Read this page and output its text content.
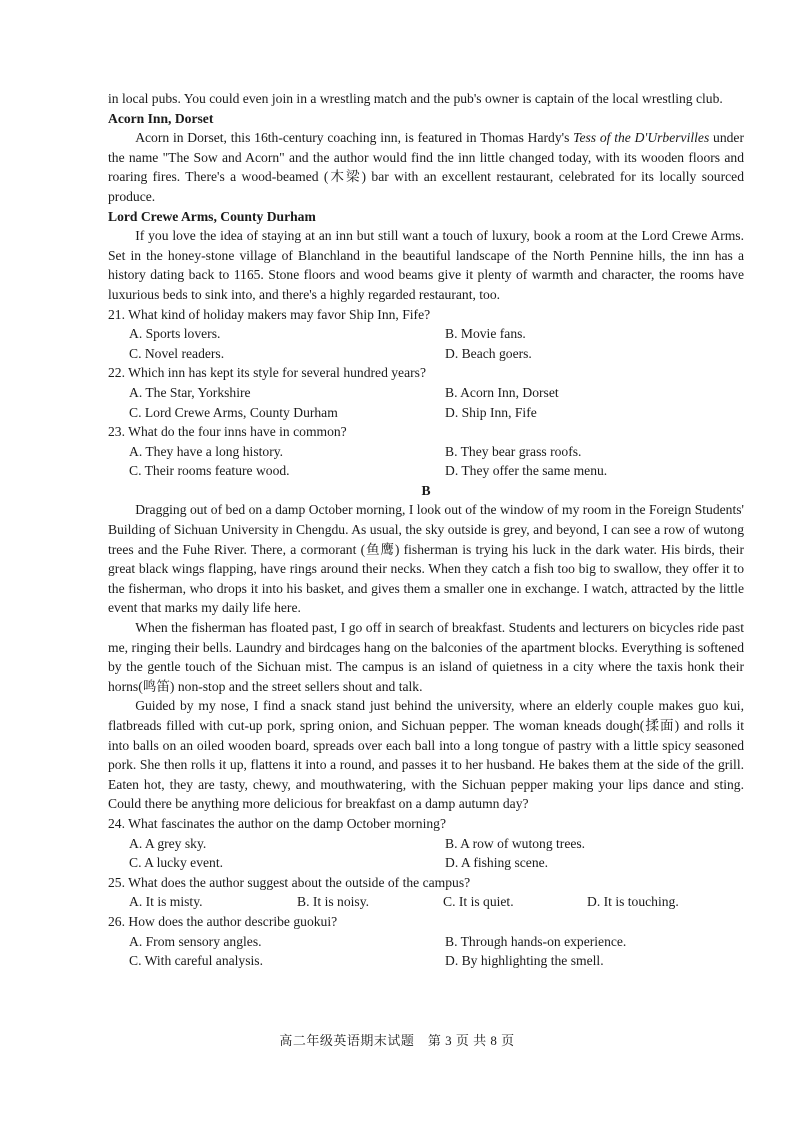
in local pubs. You could even join in a wrestling match and the pub's owner is captain of the local wrestling club.

Acorn Inn, Dorset

Acorn in Dorset, this 16th-century coaching inn, is featured in Thomas Hardy's Tess of the D'Urbervilles under the name "The Sow and Acorn" and the author would find the inn little changed today, with its wooden floors and roaring fires. There's a wood-beamed (木梁) bar with an excellent restaurant, celebrated for its locally sourced produce.

Lord Crewe Arms, County Durham

If you love the idea of staying at an inn but still want a touch of luxury, book a room at the Lord Crewe Arms. Set in the honey-stone village of Blanchland in the beautiful landscape of the North Pennine hills, the inn has a history dating back to 1165. Stone floors and wood beams give it plenty of warmth and character, the rooms have luxurious beds to sink into, and there's a highly regarded restaurant, too.

21. What kind of holiday makers may favor Ship Inn, Fife?
A. Sports lovers.	B. Movie fans.
C. Novel readers.	D. Beach goers.
22. Which inn has kept its style for several hundred years?
A. The Star, Yorkshire	B. Acorn Inn, Dorset
C. Lord Crewe Arms, County Durham	D. Ship Inn, Fife
23. What do the four inns have in common?
A. They have a long history.	B. They bear grass roofs.
C. Their rooms feature wood.	D. They offer the same menu.
B

Dragging out of bed on a damp October morning, I look out of the window of my room in the Foreign Students' Building of Sichuan University in Chengdu. As usual, the sky outside is grey, and beyond, I can see a row of wutong trees and the Fuhe River. There, a cormorant (鱼鹰) fisherman is trying his luck in the dark water. His birds, their great black wings flapping, have rings around their necks. When they catch a fish too big to swallow, they offer it to the fisherman, who drops it into his basket, and gives them a smaller one in exchange. I watch, attracted by the little event that marks my daily life here.

When the fisherman has floated past, I go off in search of breakfast. Students and lecturers on bicycles ride past me, ringing their bells. Laundry and birdcages hang on the balconies of the apartment blocks. Everything is softened by the gentle touch of the Sichuan mist. The campus is an island of quietness in a city where the taxis honk their horns(鸣笛) non-stop and the street sellers shout and talk.

Guided by my nose, I find a snack stand just behind the university, where an elderly couple makes guo kui, flatbreads filled with cut-up pork, spring onion, and Sichuan pepper. The woman kneads dough(揉面) and rolls it into balls on an oiled wooden board, spreads over each ball into a long tongue of pastry with a little spicy seasoned pork. She then rolls it up, flattens it into a round, and passes it to her husband. He bakes them at the side of the grill. Eaten hot, they are tasty, chewy, and mouthwatering, with the Sichuan pepper making your lips dance and sting. Could there be anything more delicious for breakfast on a damp autumn day?

24. What fascinates the author on the damp October morning?
A. A grey sky.	B. A row of wutong trees.
C. A lucky event.	D. A fishing scene.
25. What does the author suggest about the outside of the campus?
A. It is misty.	B. It is noisy.	C. It is quiet.	D. It is touching.
26. How does the author describe guokui?
A. From sensory angles.	B. Through hands-on experience.
C. With careful analysis.	D. By highlighting the smell.
高二年级英语期末试题　第 3 页 共 8 页
